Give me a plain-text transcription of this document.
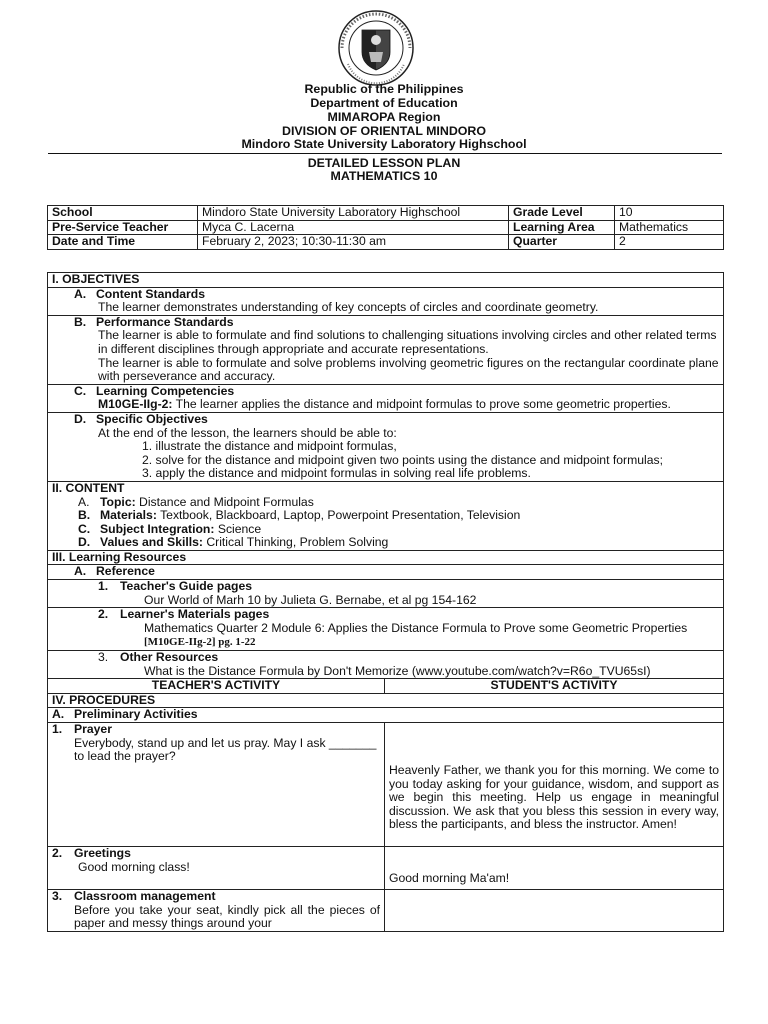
Republic of the Philippines
Department of Education
MIMAROPA Region
DIVISION OF ORIENTAL MINDORO
Mindoro State University Laboratory Highschool
DETAILED LESSON PLAN
MATHEMATICS 10
School	Mindoro State University Laboratory Highschool	Grade Level	10
Pre-Service Teacher	Myca C. Lacerna	Learning Area	Mathematics
Date and Time	February 2, 2023; 10:30-11:30 am	Quarter	2
I. OBJECTIVES	

A. Content Standards
The learner demonstrates understanding of key concepts of circles and coordinate geometry.	

B. Performance Standards
The learner is able to formulate and find solutions to challenging situations involving circles and other related terms in different disciplines through appropriate and accurate representations.
The learner is able to formulate and solve problems involving geometric figures on the rectangular coordinate plane with perseverance and accuracy.	

C. Learning Competencies
M10GE-IIg-2: The learner applies the distance and midpoint formulas to prove some geometric properties.	

D. Specific Objectives
At the end of the lesson, the learners should be able to:
1. illustrate the distance and midpoint formulas,
2. solve for the distance and midpoint given two points using the distance and midpoint formulas;
3. apply the distance and midpoint formulas in solving real life problems.	

II. CONTENT
A. Topic: Distance and Midpoint Formulas
B. Materials: Textbook, Blackboard, Laptop, Powerpoint Presentation, Television
C. Subject Integration: Science
D. Values and Skills: Critical Thinking, Problem Solving	

III. Learning Resources	
A. Reference	

1. Teacher's Guide pages
Our World of Marh 10 by Julieta G. Bernabe, et al pg 154-162	

2. Learner's Materials pages
Mathematics Quarter 2 Module 6: Applies the Distance Formula to Prove some Geometric Properties [M10GE-IIg-2] pg. 1-22	

3. Other Resources
What is the Distance Formula by Don't Memorize (www.youtube.com/watch?v=R6o_TVU65sI)	

TEACHER'S ACTIVITY	STUDENT'S ACTIVITY
IV. PROCEDURES	
A. Preliminary Activities	

1. Prayer
Everybody, stand up and let us pray. May I ask _______ to lead the prayer?	Heavenly Father, we thank you for this morning. We come to you today asking for your guidance, wisdom, and support as we begin this meeting. Help us engage in meaningful discussion. We ask that you bless this session in every way, bless the participants, and bless the instructor. Amen!

2. Greetings
Good morning class!	Good morning Ma'am!

3. Classroom management
Before you take your seat, kindly pick all the pieces of paper and messy things around your	
